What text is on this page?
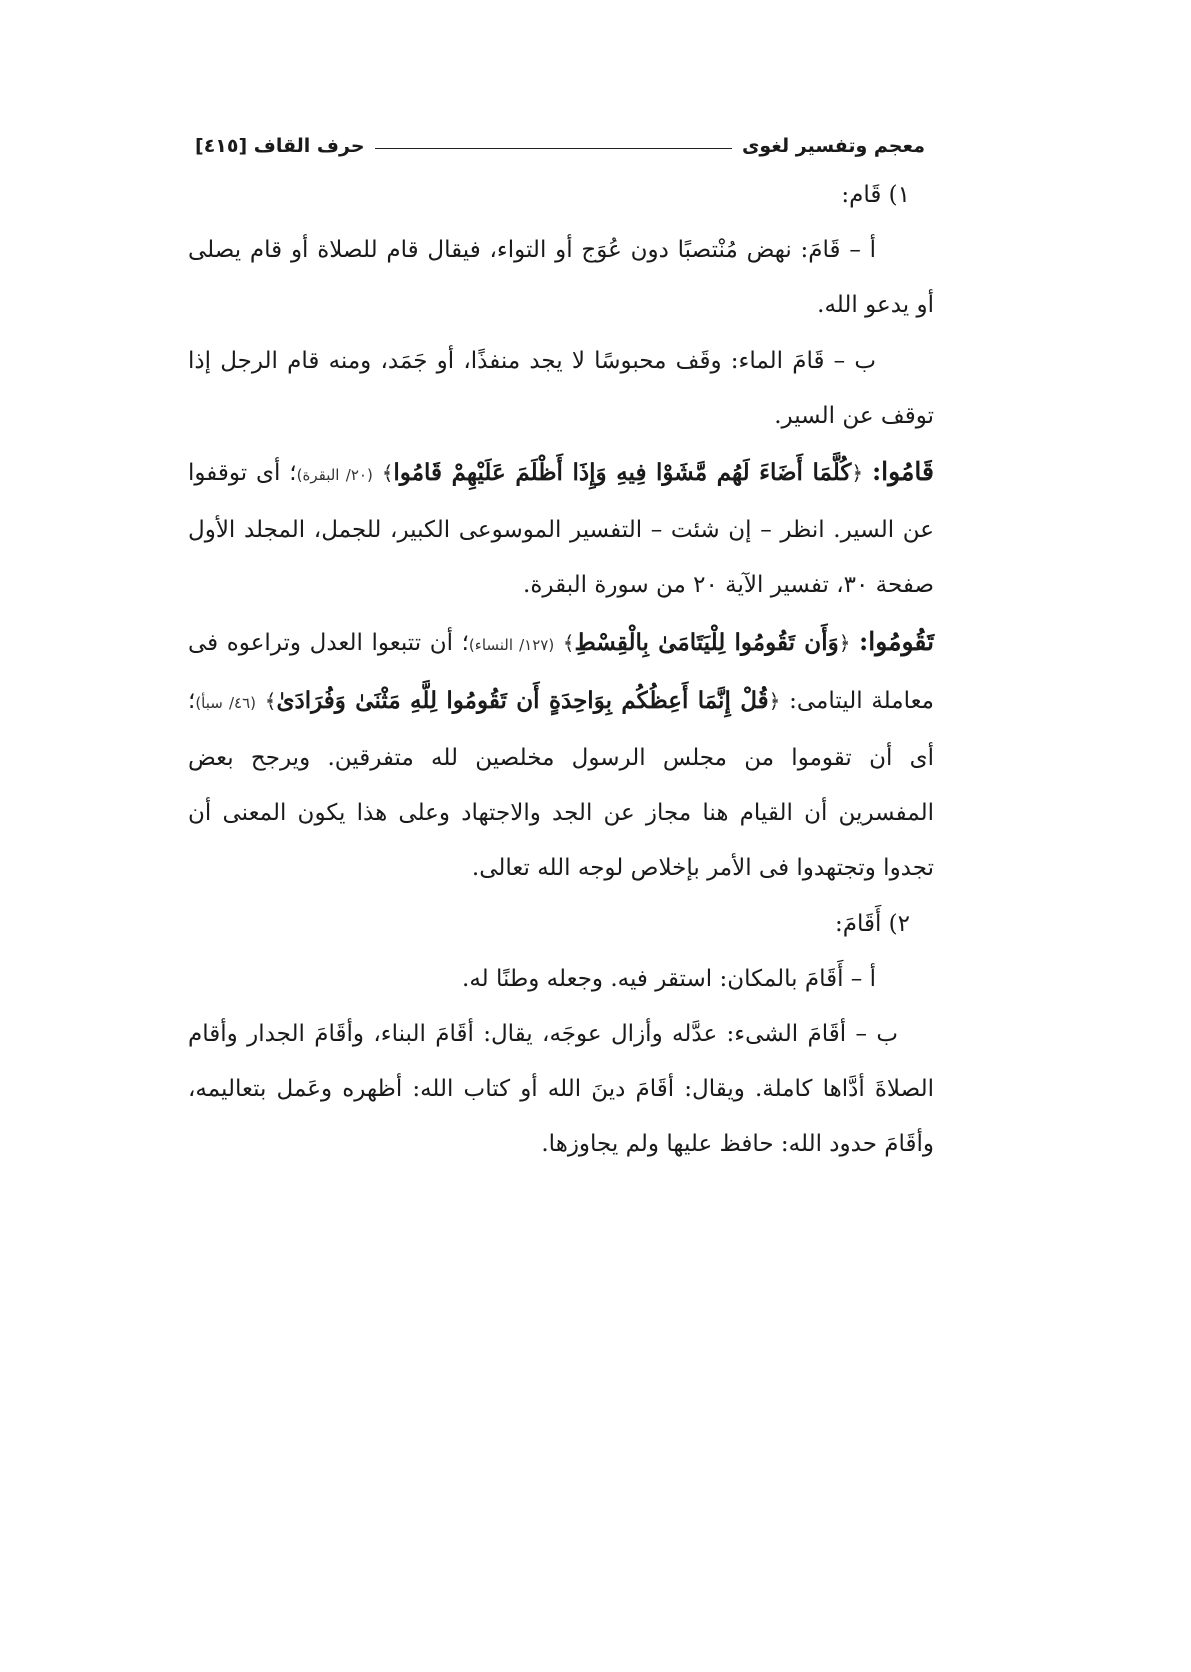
معجم وتفسير لغوى
حرف القاف [٤١٥]

١) قَام:

أ – قَامَ: نهض مُنْتصبًا دون عُوَج أو التواء، فيقال قام للصلاة أو قام يصلى أو يدعو الله.

ب – قَامَ الماء: وقَف محبوسًا لا يجد منفذًا، أو جَمَد، ومنه قام الرجل إذا توقف عن السير.

قَامُوا: ﴿كُلَّمَا أَضَاءَ لَهُم مَّشَوْا فِيهِ وَإِذَا أَظْلَمَ عَلَيْهِمْ قَامُوا﴾ (٢٠/ البقرة)؛ أى توقفوا عن السير. انظر – إن شئت – التفسير الموسوعى الكبير، للجمل، المجلد الأول صفحة ٣٠، تفسير الآية ٢٠ من سورة البقرة.

تَقُومُوا: ﴿وَأَن تَقُومُوا لِلْيَتَامَىٰ بِالْقِسْطِ﴾ (١٢٧/ النساء)؛ أن تتبعوا العدل وتراعوه فى معاملة اليتامى: ﴿قُلْ إِنَّمَا أَعِظُكُم بِوَاحِدَةٍ أَن تَقُومُوا لِلَّهِ مَثْنَىٰ وَفُرَادَىٰ﴾ (٤٦/ سبأ)؛ أى أن تقوموا من مجلس الرسول مخلصين لله متفرقين. ويرجح بعض المفسرين أن القيام هنا مجاز عن الجد والاجتهاد وعلى هذا يكون المعنى أن تجدوا وتجتهدوا فى الأمر بإخلاص لوجه الله تعالى.

٢) أَقَامَ:

أ – أَقَامَ بالمكان: استقر فيه. وجعله وطنًا له.

ب – أقَامَ الشىء: عدَّله وأزال عوجَه، يقال: أقَامَ البناء، وأقَامَ الجدار وأقام الصلاةَ أدَّاها كاملة. ويقال: أقَامَ دينَ الله أو كتاب الله: أظهره وعَمل بتعاليمه، وأقَامَ حدود الله: حافظ عليها ولم يجاوزها.
